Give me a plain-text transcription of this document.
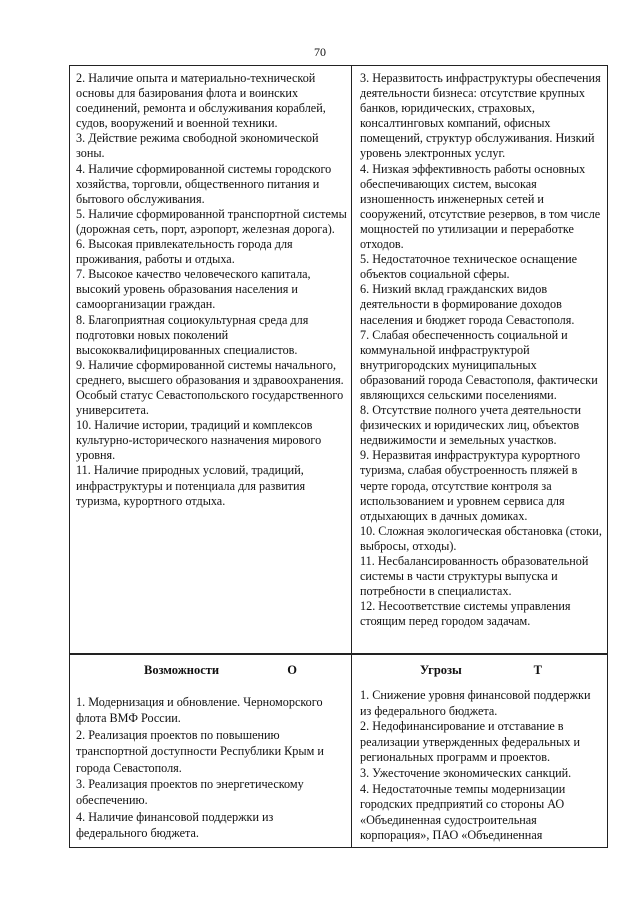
70
2. Наличие опыта и материально-технической основы для базирования флота и воинских соединений, ремонта и обслуживания кораблей, судов, вооружений и военной техники.
3. Действие режима свободной экономической зоны.
4. Наличие сформированной системы городского хозяйства, торговли, общественного питания и бытового обслуживания.
5. Наличие сформированной транспортной системы (дорожная сеть, порт, аэропорт, железная дорога).
6. Высокая привлекательность города для проживания, работы и отдыха.
7. Высокое качество человеческого капитала, высокий уровень образования населения и самоорганизации граждан.
8. Благоприятная социокультурная среда для подготовки новых поколений высококвалифицированных специалистов.
9. Наличие сформированной системы начального, среднего, высшего образования и здравоохранения. Особый статус Севастопольского государственного университета.
10. Наличие истории, традиций и комплексов культурно-исторического назначения мирового уровня.
11. Наличие природных условий, традиций, инфраструктуры и потенциала для развития туризма, курортного отдыха.
3. Неразвитость инфраструктуры обеспечения деятельности бизнеса: отсутствие крупных банков, юридических, страховых, консалтинговых компаний, офисных помещений, структур обслуживания. Низкий уровень электронных услуг.
4. Низкая эффективность работы основных обеспечивающих систем, высокая изношенность инженерных сетей и сооружений, отсутствие резервов, в том числе мощностей по утилизации и переработке отходов.
5. Недостаточное техническое оснащение объектов социальной сферы.
6. Низкий вклад гражданских видов деятельности в формирование доходов населения и бюджет города Севастополя.
7. Слабая обеспеченность социальной и коммунальной инфраструктурой внутригородских муниципальных образований города Севастополя, фактически являющихся сельскими поселениями.
8. Отсутствие полного учета деятельности физических и юридических лиц, объектов недвижимости и земельных участков.
9. Неразвитая инфраструктура курортного туризма, слабая обустроенность пляжей в черте города, отсутствие контроля за использованием и уровнем сервиса для отдыхающих в дачных домиках.
10. Сложная экологическая обстановка (стоки, выбросы, отходы).
11. Несбалансированность образовательной системы в части структуры выпуска и потребности в специалистах.
12. Несоответствие системы управления стоящим перед городом задачам.
Возможности	O
1. Модернизация и обновление. Черноморского флота ВМФ России.
2. Реализация проектов по повышению транспортной доступности Республики Крым и города Севастополя.
3. Реализация проектов по энергетическому обеспечению.
4. Наличие финансовой поддержки из федерального бюджета.
Угрозы	T
1. Снижение уровня финансовой поддержки из федерального бюджета.
2. Недофинансирование и отставание в реализации утвержденных федеральных и региональных программ и проектов.
3. Ужесточение экономических санкций.
4. Недостаточные темпы модернизации городских предприятий со стороны АО «Объединенная судостроительная корпорация», ПАО «Объединенная
